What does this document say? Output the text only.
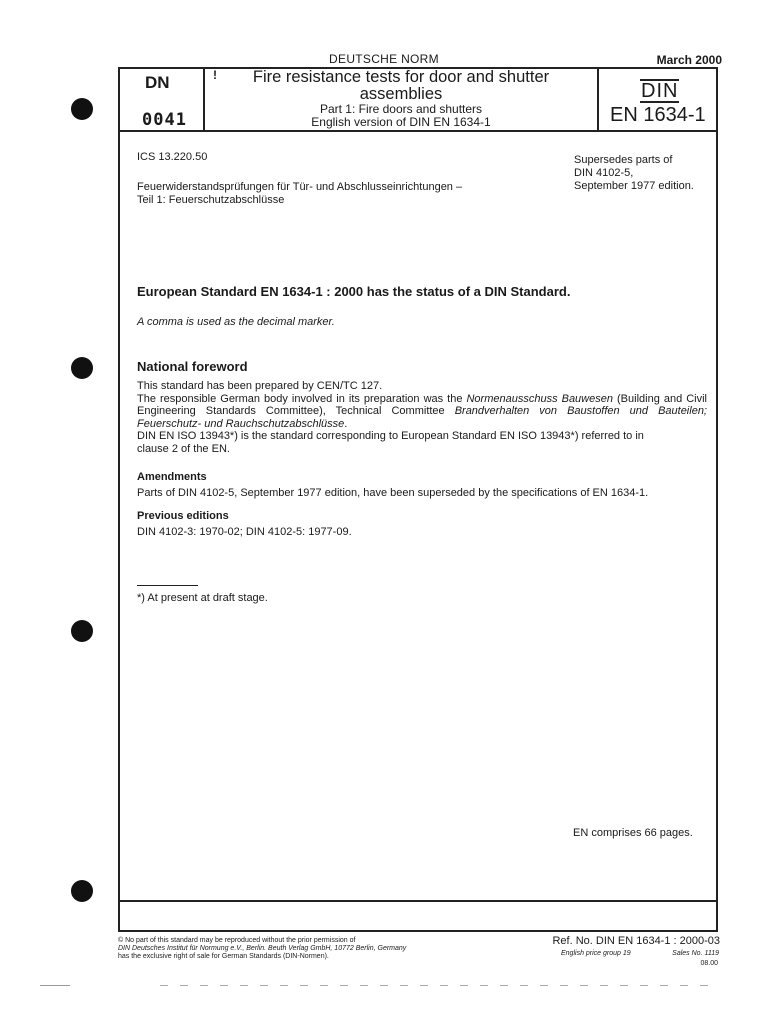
DEUTSCHE NORM	March 2000
DN
0041
!	Fire resistance tests for door and shutter
assemblies
Part 1: Fire doors and shutters
English version of DIN EN 1634-1
DIN
EN 1634-1
ICS 13.220.50	Supersedes parts of
DIN 4102-5,
September 1977 edition.
Feuerwiderstandsprüfungen für Tür- und Abschlusseinrichtungen –
Teil 1: Feuerschutzabschlüsse
European Standard EN 1634-1 : 2000 has the status of a DIN Standard.
A comma is used as the decimal marker.
National foreword
This standard has been prepared by CEN/TC 127.
The responsible German body involved in its preparation was the Normenausschuss Bauwesen (Building and Civil Engineering Standards Committee), Technical Committee Brandverhalten von Baustoffen und Bauteilen; Feuerschutz- und Rauchschutzabschlüsse.
DIN EN ISO 13943*) is the standard corresponding to European Standard EN ISO 13943*) referred to in
clause 2 of the EN.
Amendments
Parts of DIN 4102-5, September 1977 edition, have been superseded by the specifications of EN 1634-1.
Previous editions
DIN 4102-3: 1970-02; DIN 4102-5: 1977-09.
*) At present at draft stage.
EN comprises 66 pages.
© No part of this standard may be reproduced without the prior permission of
DIN Deutsches Institut für Normung e.V., Berlin. Beuth Verlag GmbH, 10772 Berlin, Germany
has the exclusive right of sale for German Standards (DIN-Normen).
Ref. No. DIN EN 1634-1 : 2000-03
English price group 19	Sales No. 1119
08.00
